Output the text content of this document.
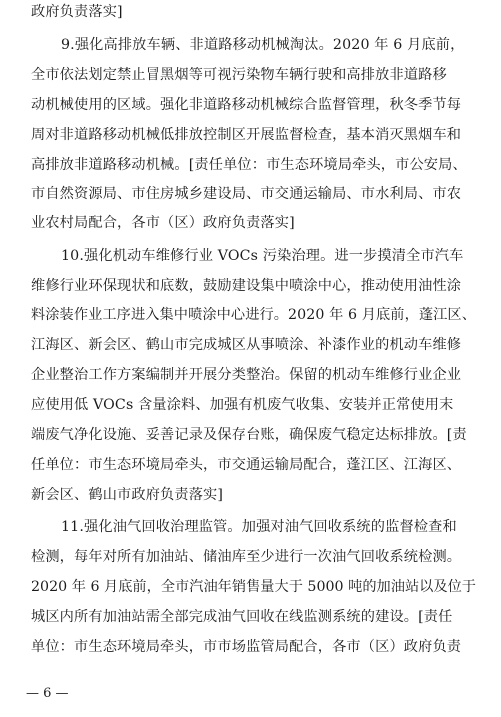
政府负责落实]
9.强化高排放车辆、非道路移动机械淘汰。2020 年 6 月底前，
全市依法划定禁止冒黑烟等可视污染物车辆行驶和高排放非道路移
动机械使用的区域。强化非道路移动机械综合监督管理，秋冬季节每
周对非道路移动机械低排放控制区开展监督检查，基本消灭黑烟车和
高排放非道路移动机械。[责任单位：市生态环境局牵头，市公安局、
市自然资源局、市住房城乡建设局、市交通运输局、市水利局、市农
业农村局配合，各市（区）政府负责落实]
10.强化机动车维修行业 VOCs 污染治理。进一步摸清全市汽车
维修行业环保现状和底数，鼓励建设集中喷涂中心，推动使用油性涂
料涂装作业工序进入集中喷涂中心进行。2020 年 6 月底前，蓬江区、
江海区、新会区、鹤山市完成城区从事喷涂、补漆作业的机动车维修
企业整治工作方案编制并开展分类整治。保留的机动车维修行业企业
应使用低 VOCs 含量涂料、加强有机废气收集、安装并正常使用末
端废气净化设施、妥善记录及保存台账，确保废气稳定达标排放。[责
任单位：市生态环境局牵头，市交通运输局配合，蓬江区、江海区、
新会区、鹤山市政府负责落实]
11.强化油气回收治理监管。加强对油气回收系统的监督检查和
检测，每年对所有加油站、储油库至少进行一次油气回收系统检测。
2020 年 6 月底前，全市汽油年销售量大于 5000 吨的加油站以及位于
城区内所有加油站需全部完成油气回收在线监测系统的建设。[责任
单位：市生态环境局牵头，市市场监管局配合，各市（区）政府负责
— 6 —
